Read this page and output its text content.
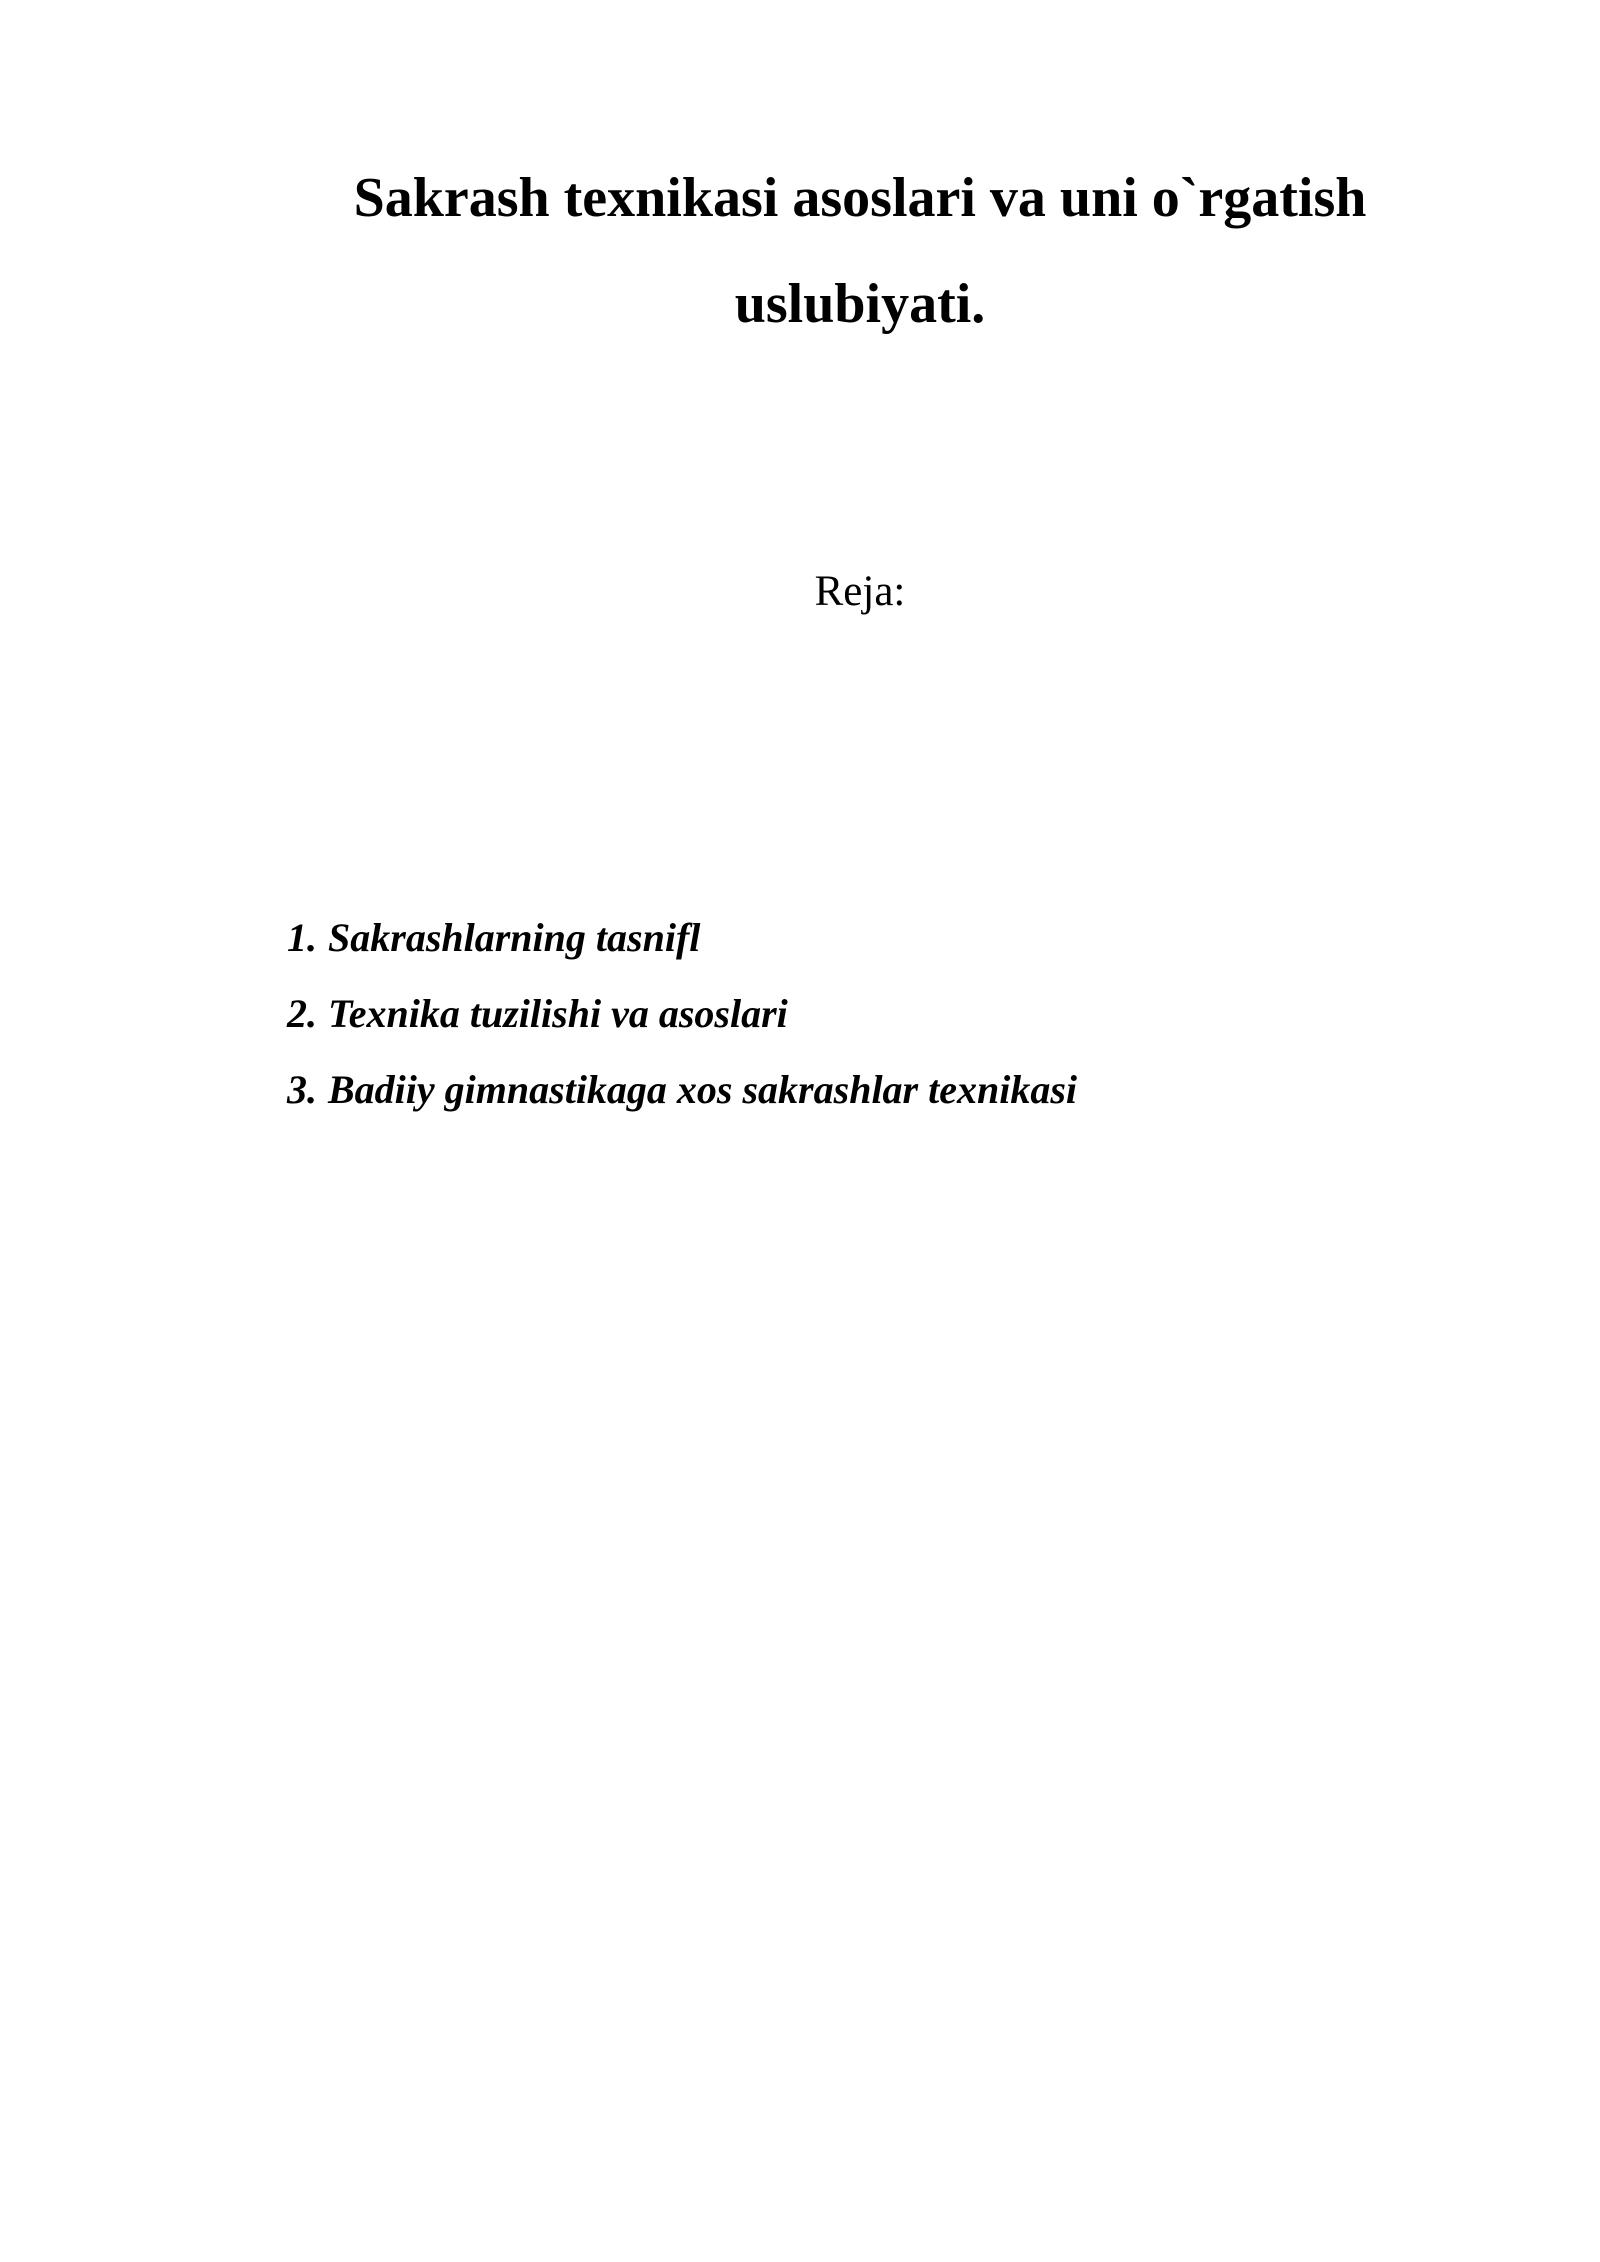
Sakrash texnikasi asoslari va uni o`rgatish
uslubiyati.
Reja:
1. Sakrashlarning tasnifl
2. Texnika tuzilishi va asoslari
3. Badiiy gimnastikaga xos sakrashlar texnikasi
